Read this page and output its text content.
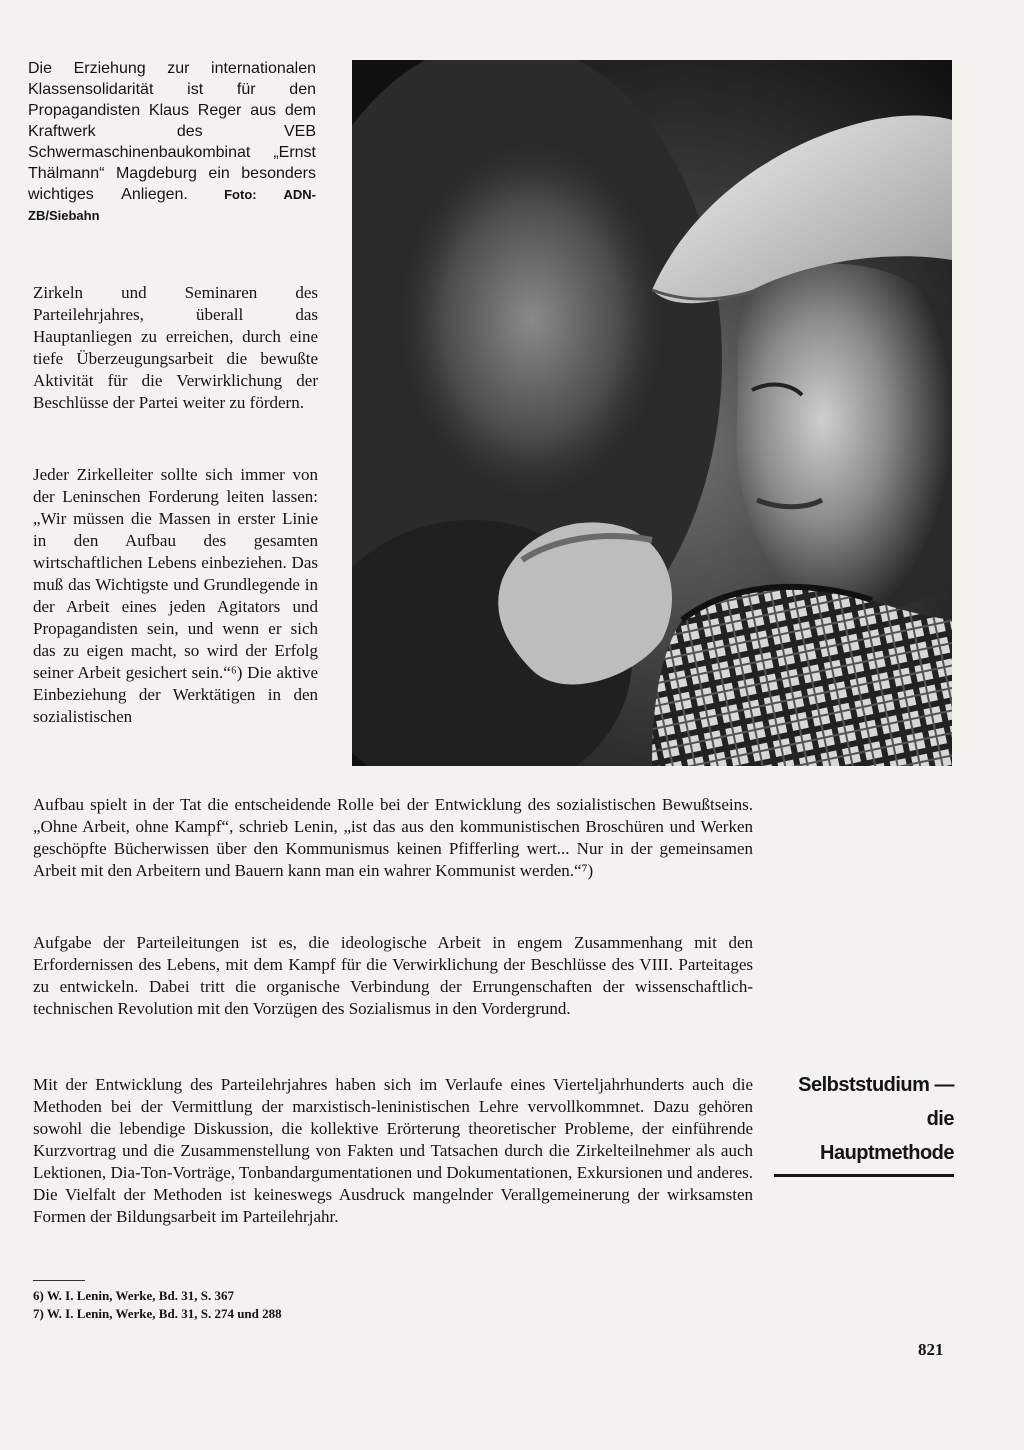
Die Erziehung zur internationalen Klassensolidarität ist für den Propagandisten Klaus Reger aus dem Kraftwerk des VEB Schwermaschinenbaukombinat „Ernst Thälmann“ Magdeburg ein besonders wichtiges Anliegen.	Foto: ADN-ZB/Siebahn

Zirkeln und Seminaren des Parteilehrjahres, überall das Hauptanliegen zu erreichen, durch eine tiefe Überzeugungsarbeit die bewußte Aktivität für die Verwirklichung der Beschlüsse der Partei weiter zu fördern.

Jeder Zirkelleiter sollte sich immer von der Leninschen Forderung leiten lassen: „Wir müssen die Massen in erster Linie in den Aufbau des gesamten wirtschaftlichen Lebens einbeziehen. Das muß das Wichtigste und Grundlegende in der Arbeit eines jeden Agitators und Propagandisten sein, und wenn er sich das zu eigen macht, so wird der Erfolg seiner Arbeit gesichert sein.“⁶) Die aktive Einbeziehung der Werktätigen in den sozialistischen

Aufbau spielt in der Tat die entscheidende Rolle bei der Entwicklung des sozialistischen Bewußtseins. „Ohne Arbeit, ohne Kampf“, schrieb Lenin, „ist das aus den kommunistischen Broschüren und Werken geschöpfte Bücherwissen über den Kommunismus keinen Pfifferling wert... Nur in der gemeinsamen Arbeit mit den Arbeitern und Bauern kann man ein wahrer Kommunist werden.“⁷)

Aufgabe der Parteileitungen ist es, die ideologische Arbeit in engem Zusammenhang mit den Erfordernissen des Lebens, mit dem Kampf für die Verwirklichung der Beschlüsse des VIII. Parteitages zu entwickeln. Dabei tritt die organische Verbindung der Errungenschaften der wissenschaftlich-technischen Revolution mit den Vorzügen des Sozialismus in den Vordergrund.

Mit der Entwicklung des Parteilehrjahres haben sich im Verlaufe eines Vierteljahrhunderts auch die Methoden bei der Vermittlung der marxistisch-leninistischen Lehre vervollkommnet. Dazu gehören sowohl die lebendige Diskussion, die kollektive Erörterung theoretischer Probleme, der einführende Kurzvortrag und die Zusammenstellung von Fakten und Tatsachen durch die Zirkelteilnehmer als auch Lektionen, Dia-Ton-Vorträge, Tonbandargumentationen und Dokumentationen, Exkursionen und anderes. Die Vielfalt der Methoden ist keineswegs Ausdruck mangelnder Verallgemeinerung der wirksamsten Formen der Bildungsarbeit im Parteilehrjahr.

Selbststudium —
die
Hauptmethode
6) W. I. Lenin, Werke, Bd. 31, S. 367
7) W. I. Lenin, Werke, Bd. 31, S. 274 und 288
821
